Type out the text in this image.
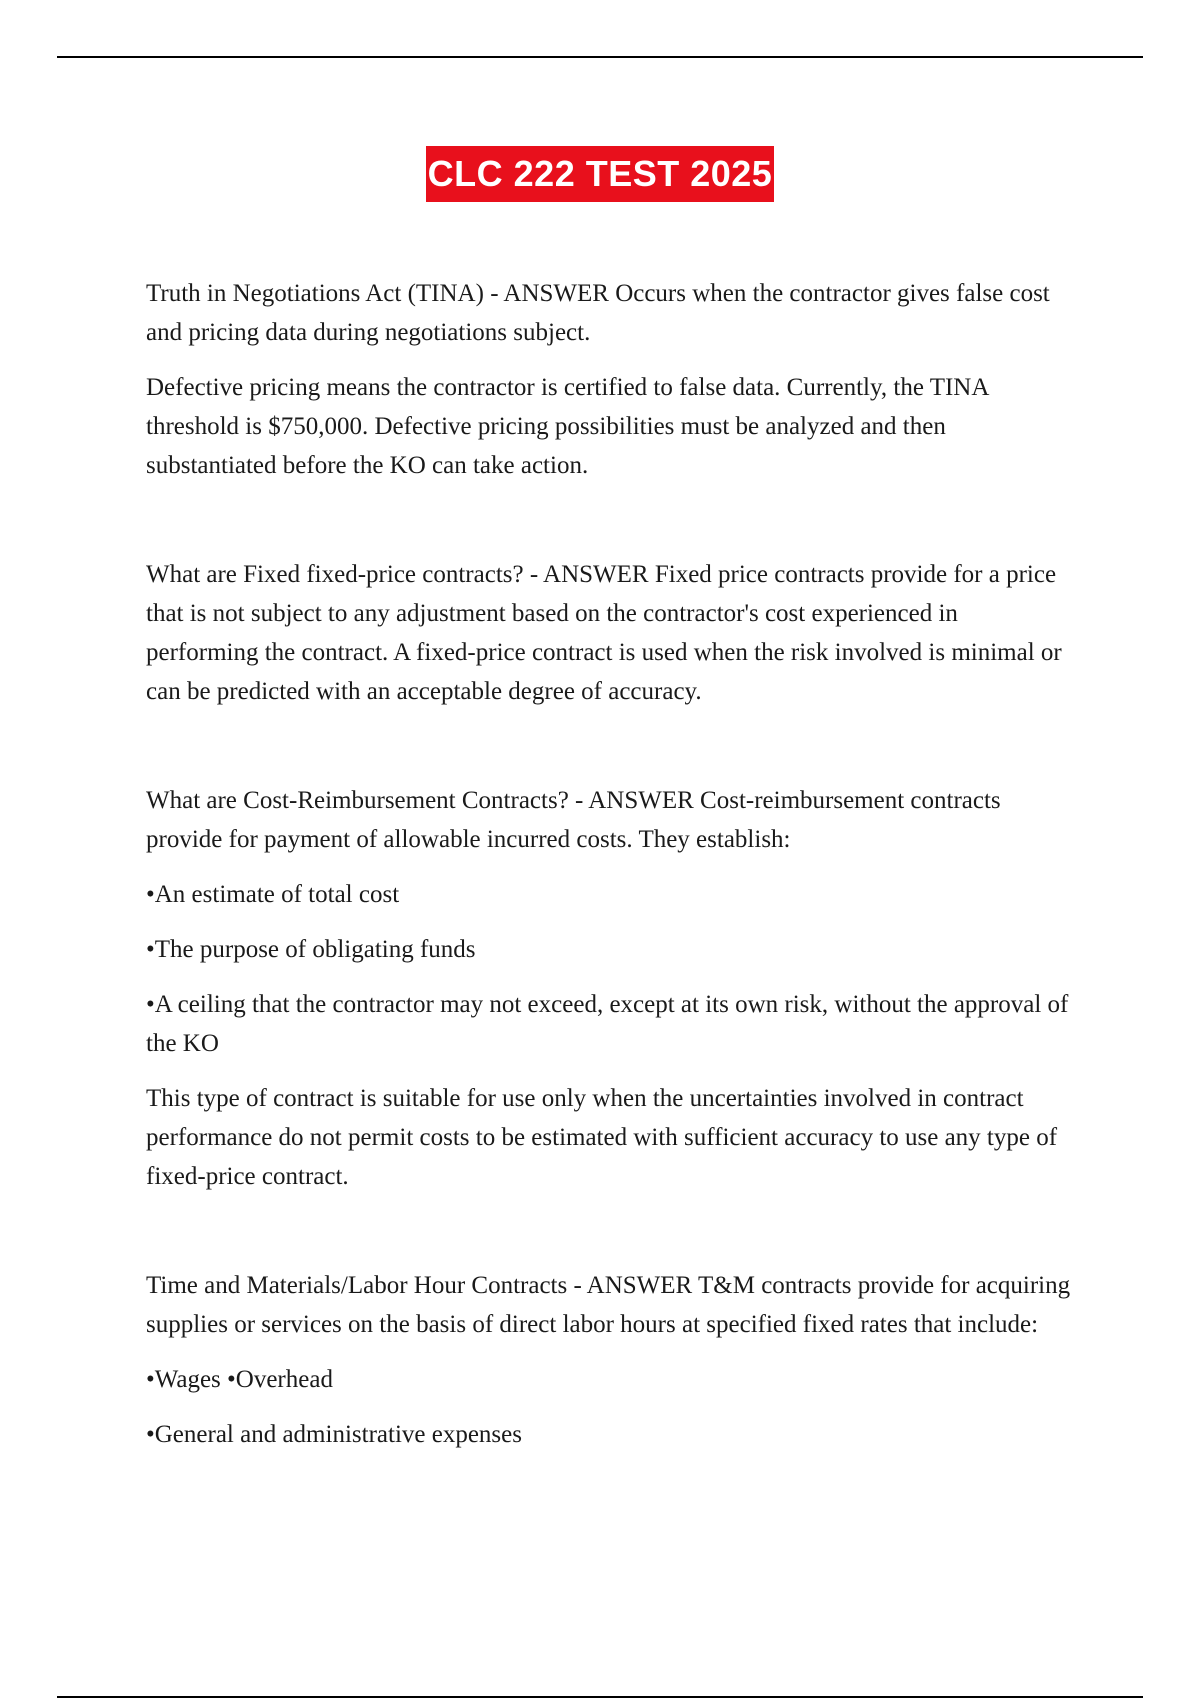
CLC 222 TEST 2025

Truth in Negotiations Act (TINA) - ANSWER Occurs when the contractor gives false cost and pricing data during negotiations subject.

Defective pricing means the contractor is certified to false data. Currently, the TINA threshold is $750,000. Defective pricing possibilities must be analyzed and then substantiated before the KO can take action.

What are Fixed fixed-price contracts? - ANSWER Fixed price contracts provide for a price that is not subject to any adjustment based on the contractor's cost experienced in performing the contract. A fixed-price contract is used when the risk involved is minimal or can be predicted with an acceptable degree of accuracy.

What are Cost-Reimbursement Contracts? - ANSWER Cost-reimbursement contracts provide for payment of allowable incurred costs. They establish:

•An estimate of total cost

•The purpose of obligating funds

•A ceiling that the contractor may not exceed, except at its own risk, without the approval of the KO

This type of contract is suitable for use only when the uncertainties involved in contract performance do not permit costs to be estimated with sufficient accuracy to use any type of fixed-price contract.

Time and Materials/Labor Hour Contracts - ANSWER T&M contracts provide for acquiring supplies or services on the basis of direct labor hours at specified fixed rates that include:

•Wages •Overhead

•General and administrative expenses
